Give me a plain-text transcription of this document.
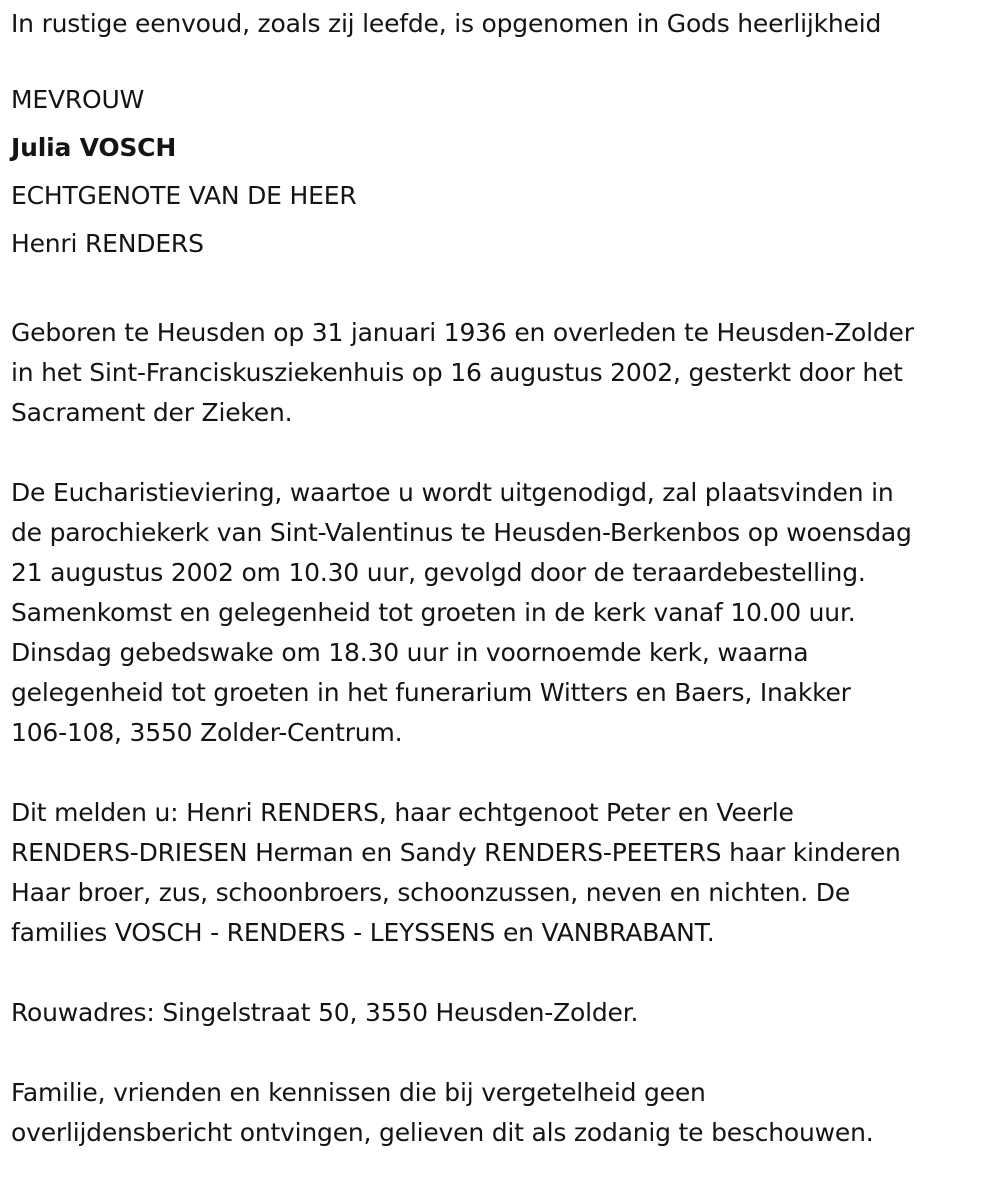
In rustige eenvoud, zoals zij leefde, is opgenomen in Gods heerlijkheid
MEVROUW
Julia VOSCH
ECHTGENOTE VAN DE HEER
Henri RENDERS
Geboren te Heusden op 31 januari 1936 en overleden te Heusden-Zolder
in het Sint-Franciskusziekenhuis op 16 augustus 2002, gesterkt door het
Sacrament der Zieken.
De Eucharistieviering, waartoe u wordt uitgenodigd, zal plaatsvinden in
de parochiekerk van Sint-Valentinus te Heusden-Berkenbos op woensdag
21 augustus 2002 om 10.30 uur, gevolgd door de teraardebestelling.
Samenkomst en gelegenheid tot groeten in de kerk vanaf 10.00 uur.
Dinsdag gebedswake om 18.30 uur in voornoemde kerk, waarna
gelegenheid tot groeten in het funerarium Witters en Baers, Inakker
106-108, 3550 Zolder-Centrum.
Dit melden u: Henri RENDERS, haar echtgenoot Peter en Veerle
RENDERS-DRIESEN Herman en Sandy RENDERS-PEETERS haar kinderen
Haar broer, zus, schoonbroers, schoonzussen, neven en nichten. De
families VOSCH - RENDERS - LEYSSENS en VANBRABANT.
Rouwadres: Singelstraat 50, 3550 Heusden-Zolder.
Familie, vrienden en kennissen die bij vergetelheid geen
overlijdensbericht ontvingen, gelieven dit als zodanig te beschouwen.
